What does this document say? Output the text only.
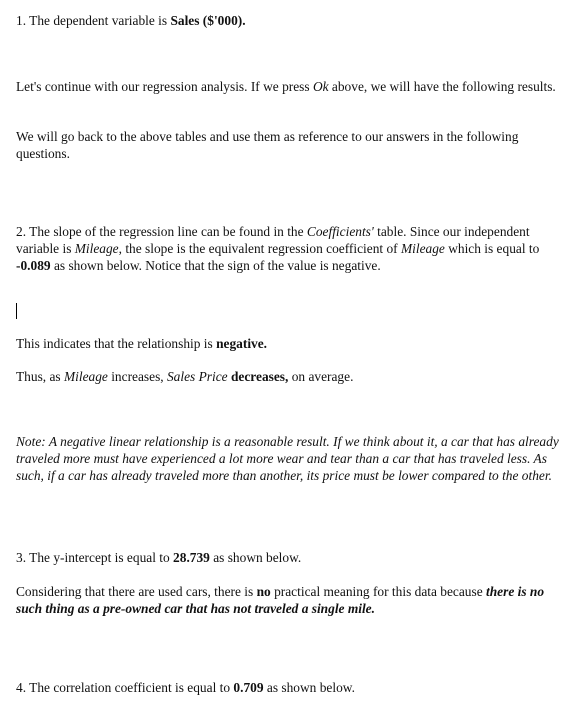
1. The dependent variable is Sales ($'000).

Let's continue with our regression analysis. If we press Ok above, we will have the following results.

We will go back to the above tables and use them as reference to our answers in the following questions.

2. The slope of the regression line can be found in the Coefficients' table. Since our independent variable is Mileage, the slope is the equivalent regression coefficient of Mileage which is equal to -0.089 as shown below. Notice that the sign of the value is negative.

This indicates that the relationship is negative.

Thus, as Mileage increases, Sales Price decreases, on average.

Note: A negative linear relationship is a reasonable result. If we think about it, a car that has already traveled more must have experienced a lot more wear and tear than a car that has traveled less. As such, if a car has already traveled more than another, its price must be lower compared to the other.

3. The y-intercept is equal to 28.739 as shown below.

Considering that there are used cars, there is no practical meaning for this data because there is no such thing as a pre-owned car that has not traveled a single mile.

4. The correlation coefficient is equal to 0.709 as shown below.
